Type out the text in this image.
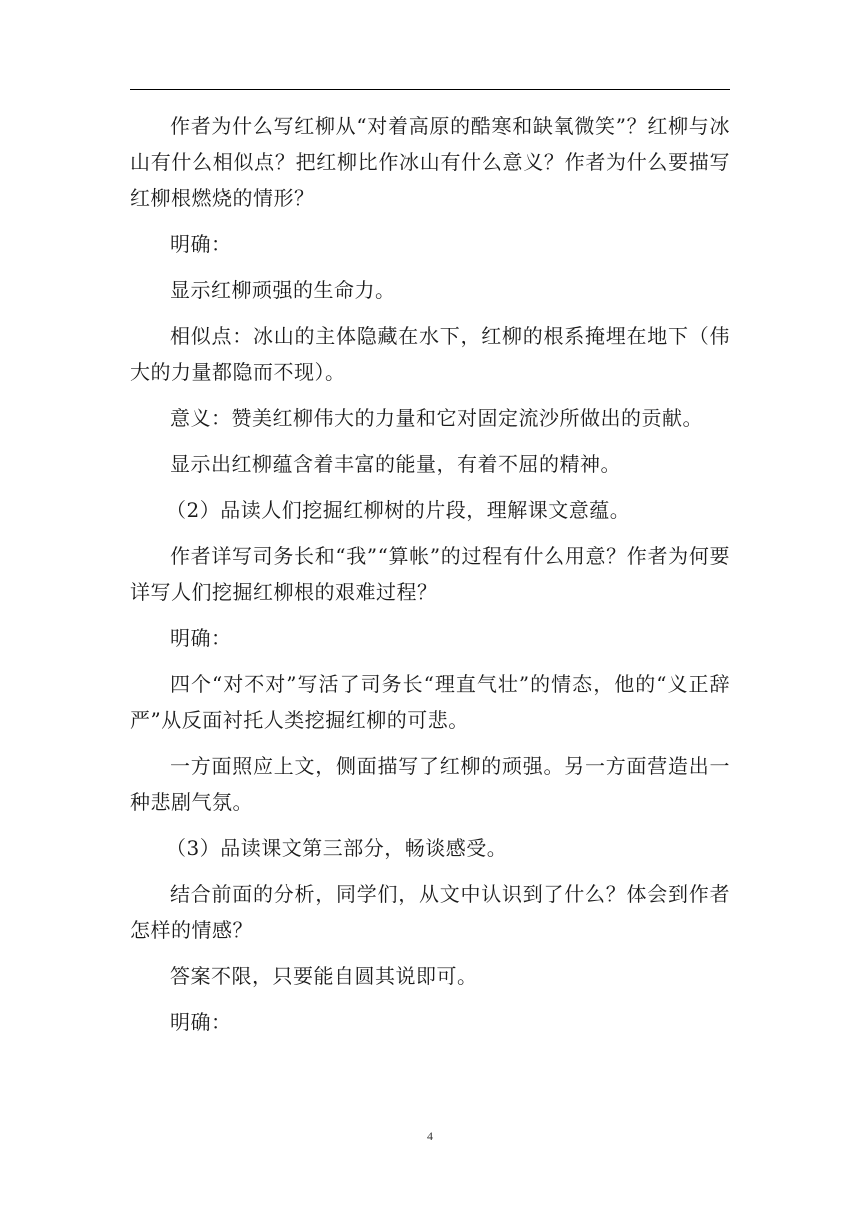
作者为什么写红柳从“对着高原的酷寒和缺氧微笑”？红柳与冰山有什么相似点？把红柳比作冰山有什么意义？作者为什么要描写红柳根燃烧的情形？

明确：

显示红柳顽强的生命力。

相似点：冰山的主体隐藏在水下，红柳的根系掩埋在地下（伟大的力量都隐而不现）。

意义：赞美红柳伟大的力量和它对固定流沙所做出的贡献。

显示出红柳蕴含着丰富的能量，有着不屈的精神。

（2）品读人们挖掘红柳树的片段，理解课文意蕴。

作者详写司务长和“我”“算帐”的过程有什么用意？作者为何要详写人们挖掘红柳根的艰难过程？

明确：

四个“对不对”写活了司务长“理直气壮”的情态，他的“义正辞严”从反面衬托人类挖掘红柳的可悲。

一方面照应上文，侧面描写了红柳的顽强。另一方面营造出一种悲剧气氛。

（3）品读课文第三部分，畅谈感受。

结合前面的分析，同学们，从文中认识到了什么？体会到作者怎样的情感？

答案不限，只要能自圆其说即可。

明确：

4
